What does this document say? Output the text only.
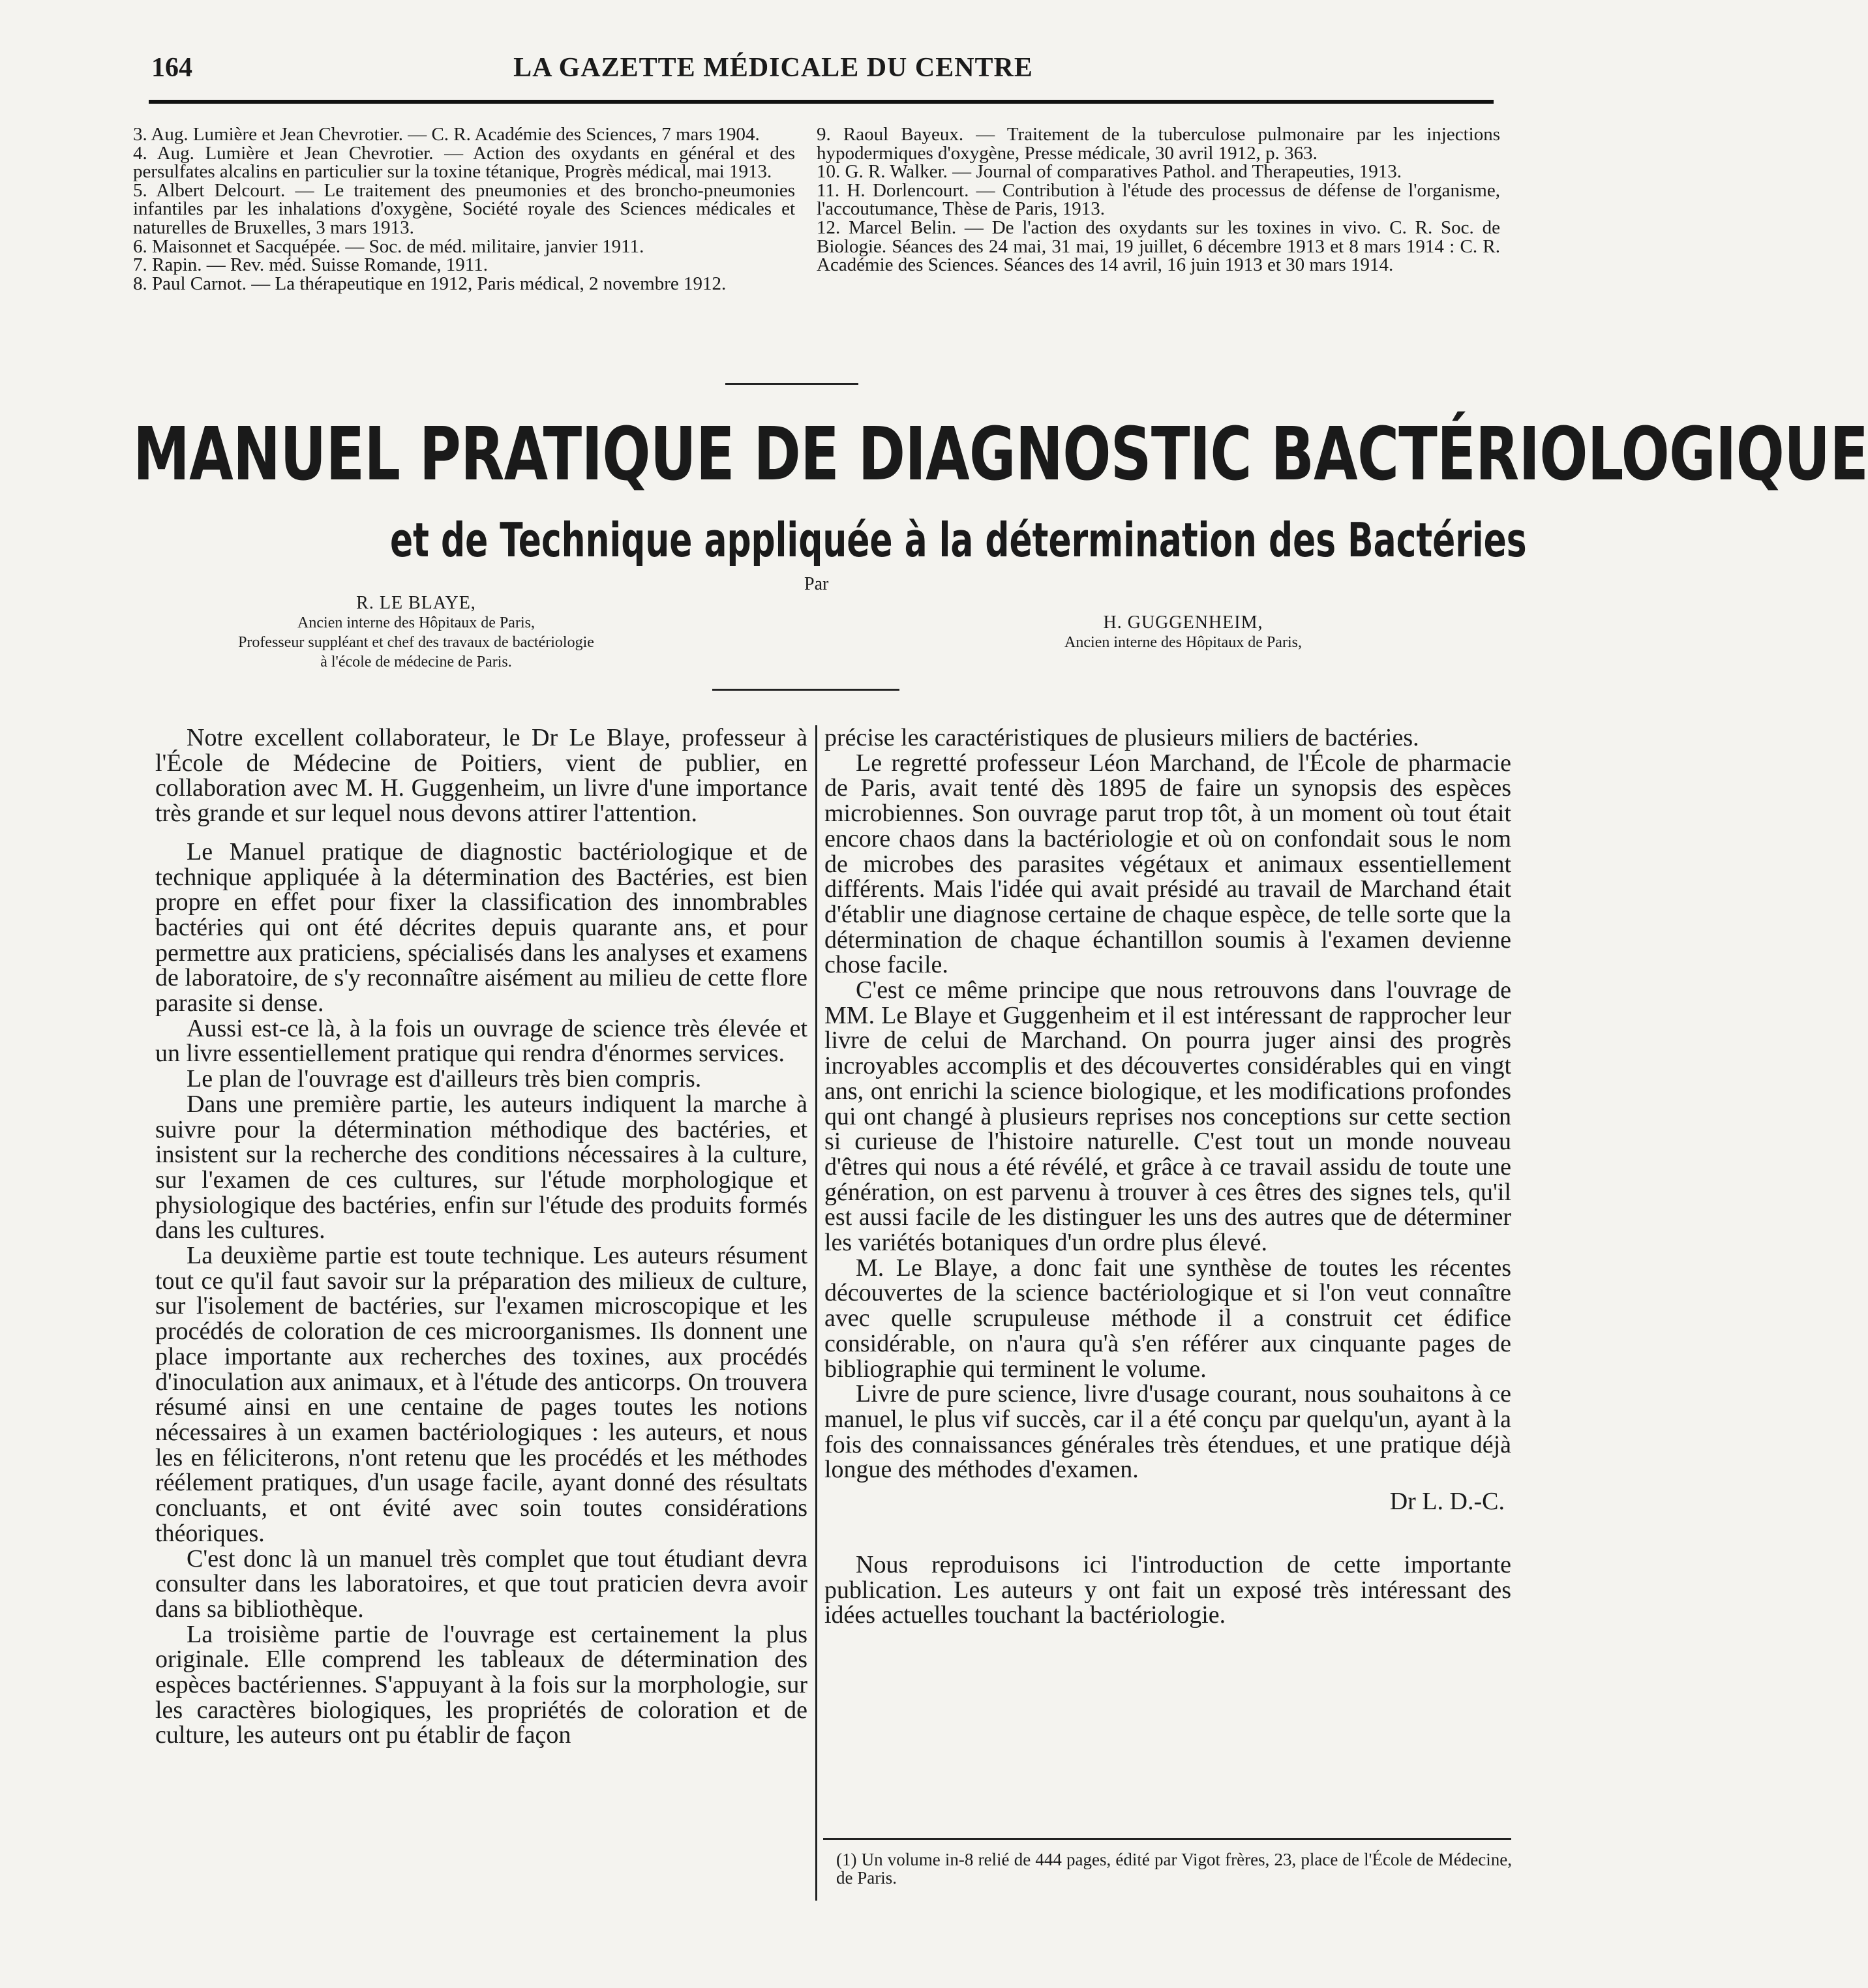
164	LA GAZETTE MÉDICALE DU CENTRE
3. Aug. Lumière et Jean Chevrotier. — C. R. Académie des Sciences, 7 mars 1904.
4. Aug. Lumière et Jean Chevrotier. — Action des oxydants en général et des persulfates alcalins en particulier sur la toxine tétanique, Progrès médical, mai 1913.
5. Albert Delcourt. — Le traitement des pneumonies et des broncho-pneumonies infantiles par les inhalations d'oxygène, Société royale des Sciences médicales et naturelles de Bruxelles, 3 mars 1913.
6. Maisonnet et Sacquépée. — Soc. de méd. militaire, janvier 1911.
7. Rapin. — Rev. méd. Suisse Romande, 1911.
8. Paul Carnot. — La thérapeutique en 1912, Paris médical, 2 novembre 1912.
9. Raoul Bayeux. — Traitement de la tuberculose pulmonaire par les injections hypodermiques d'oxygène, Presse médicale, 30 avril 1912, p. 363.
10. G. R. Walker. — Journal of comparatives Pathol. and Therapeuties, 1913.
11. H. Dorlencourt. — Contribution à l'étude des processus de défense de l'organisme, l'accoutumance, Thèse de Paris, 1913.
12. Marcel Belin. — De l'action des oxydants sur les toxines in vivo. C. R. Soc. de Biologie. Séances des 24 mai, 31 mai, 19 juillet, 6 décembre 1913 et 8 mars 1914 : C. R. Académie des Sciences. Séances des 14 avril, 16 juin 1913 et 30 mars 1914.
MANUEL PRATIQUE DE DIAGNOSTIC BACTÉRIOLOGIQUE
et de Technique appliquée à la détermination des Bactéries
Par
R. LE BLAYE,
Ancien interne des Hôpitaux de Paris,
Professeur suppléant et chef des travaux de bactériologie
à l'école de médecine de Paris.
H. GUGGENHEIM,
Ancien interne des Hôpitaux de Paris,

Notre excellent collaborateur, le Dr Le Blaye, professeur à l'École de Médecine de Poitiers, vient de publier, en collaboration avec M. H. Guggenheim, un livre d'une importance très grande et sur lequel nous devons attirer l'attention.

Le Manuel pratique de diagnostic bactériologique et de technique appliquée à la détermination des Bactéries, est bien propre en effet pour fixer la classification des innombrables bactéries qui ont été décrites depuis quarante ans, et pour permettre aux praticiens, spécialisés dans les analyses et examens de laboratoire, de s'y reconnaître aisément au milieu de cette flore parasite si dense.

Aussi est-ce là, à la fois un ouvrage de science très élevée et un livre essentiellement pratique qui rendra d'énormes services.

Le plan de l'ouvrage est d'ailleurs très bien compris.

Dans une première partie, les auteurs indiquent la marche à suivre pour la détermination méthodique des bactéries, et insistent sur la recherche des conditions nécessaires à la culture, sur l'examen de ces cultures, sur l'étude morphologique et physiologique des bactéries, enfin sur l'étude des produits formés dans les cultures.

La deuxième partie est toute technique. Les auteurs résument tout ce qu'il faut savoir sur la préparation des milieux de culture, sur l'isolement de bactéries, sur l'examen microscopique et les procédés de coloration de ces microorganismes. Ils donnent une place importante aux recherches des toxines, aux procédés d'inoculation aux animaux, et à l'étude des anticorps. On trouvera résumé ainsi en une centaine de pages toutes les notions nécessaires à un examen bactériologiques : les auteurs, et nous les en féliciterons, n'ont retenu que les procédés et les méthodes réélement pratiques, d'un usage facile, ayant donné des résultats concluants, et ont évité avec soin toutes considérations théoriques.

C'est donc là un manuel très complet que tout étudiant devra consulter dans les laboratoires, et que tout praticien devra avoir dans sa bibliothèque.

La troisième partie de l'ouvrage est certainement la plus originale. Elle comprend les tableaux de détermination des espèces bactériennes. S'appuyant à la fois sur la morphologie, sur les caractères biologiques, les propriétés de coloration et de culture, les auteurs ont pu établir de façon

précise les caractéristiques de plusieurs miliers de bactéries.

Le regretté professeur Léon Marchand, de l'École de pharmacie de Paris, avait tenté dès 1895 de faire un synopsis des espèces microbiennes. Son ouvrage parut trop tôt, à un moment où tout était encore chaos dans la bactériologie et où on confondait sous le nom de microbes des parasites végétaux et animaux essentiellement différents. Mais l'idée qui avait présidé au travail de Marchand était d'établir une diagnose certaine de chaque espèce, de telle sorte que la détermination de chaque échantillon soumis à l'examen devienne chose facile.

C'est ce même principe que nous retrouvons dans l'ouvrage de MM. Le Blaye et Guggenheim et il est intéressant de rapprocher leur livre de celui de Marchand. On pourra juger ainsi des progrès incroyables accomplis et des découvertes considérables qui en vingt ans, ont enrichi la science biologique, et les modifications profondes qui ont changé à plusieurs reprises nos conceptions sur cette section si curieuse de l'histoire naturelle. C'est tout un monde nouveau d'êtres qui nous a été révélé, et grâce à ce travail assidu de toute une génération, on est parvenu à trouver à ces êtres des signes tels, qu'il est aussi facile de les distinguer les uns des autres que de déterminer les variétés botaniques d'un ordre plus élevé.

M. Le Blaye, a donc fait une synthèse de toutes les récentes découvertes de la science bactériologique et si l'on veut connaître avec quelle scrupuleuse méthode il a construit cet édifice considérable, on n'aura qu'à s'en référer aux cinquante pages de bibliographie qui terminent le volume.

Livre de pure science, livre d'usage courant, nous souhaitons à ce manuel, le plus vif succès, car il a été conçu par quelqu'un, ayant à la fois des connaissances générales très étendues, et une pratique déjà longue des méthodes d'examen.

Dr L. D.-C.

Nous reproduisons ici l'introduction de cette importante publication. Les auteurs y ont fait un exposé très intéressant des idées actuelles touchant la bactériologie.

(1) Un volume in-8 relié de 444 pages, édité par Vigot frères, 23, place de l'École de Médecine, de Paris.
